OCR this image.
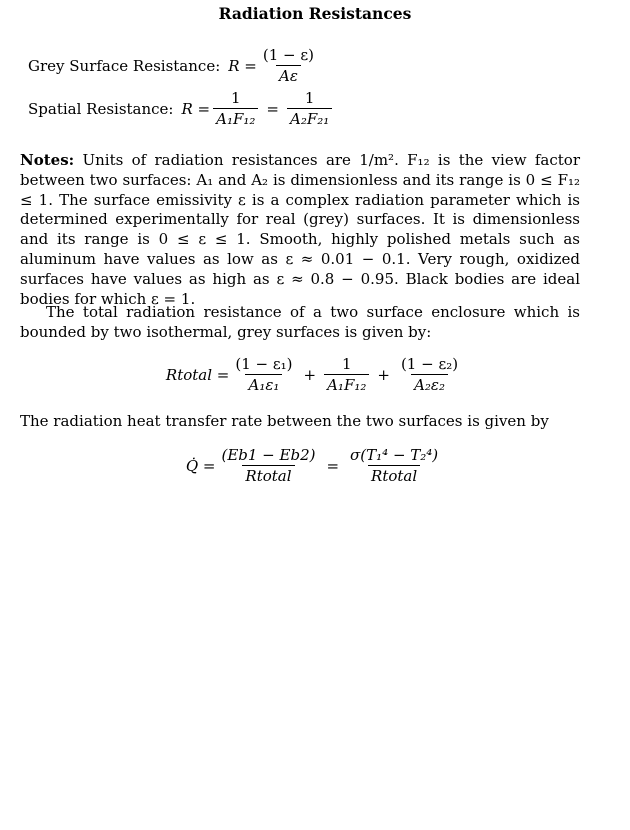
Radiation Resistances
Grey Surface Resistance: $R = \frac{(1 - \varepsilon)}{A\varepsilon}$
Spatial Resistance: $R = \frac{1}{\text{A₁F₁₂}} = \frac{1}{\text{A₂F₂₁}}$
Notes: Units of radiation resistances are 1/m². F₁₂ is the view factor between two surfaces: A₁ and A₂ is dimensionless and its range is 0 ≤ F₁₂ ≤ 1. The surface emissivity ε is a complex radiation parameter which is determined experimentally for real (grey) surfaces. It is dimensionless and its range is 0 ≤ ε ≤ 1. Smooth, highly polished metals such as aluminum have values as low as ε ≈ 0.01 − 0.1. Very rough, oxidized surfaces have values as high as ε ≈ 0.8 − 0.95. Black bodies are ideal bodies for which ε = 1.
The total radiation resistance of a two surface enclosure which is bounded by two isothermal, grey surfaces is given by:
Rtotal = $\frac{\text{(1 − ε₁)}}{\text{A₁ε₁}} + \frac{1}{\text{A₁F₁₂}} + \frac{\text{(1 − ε₂)}}{\text{A₂ε₂}}$
The radiation heat transfer rate between the two surfaces is given by
Q̇ = $\frac{(Eb1 - Eb2)}{\text{Rtotal}} = \frac{\text{σ(T₁⁴ − T₂⁴)}}{\text{Rtotal}}$
